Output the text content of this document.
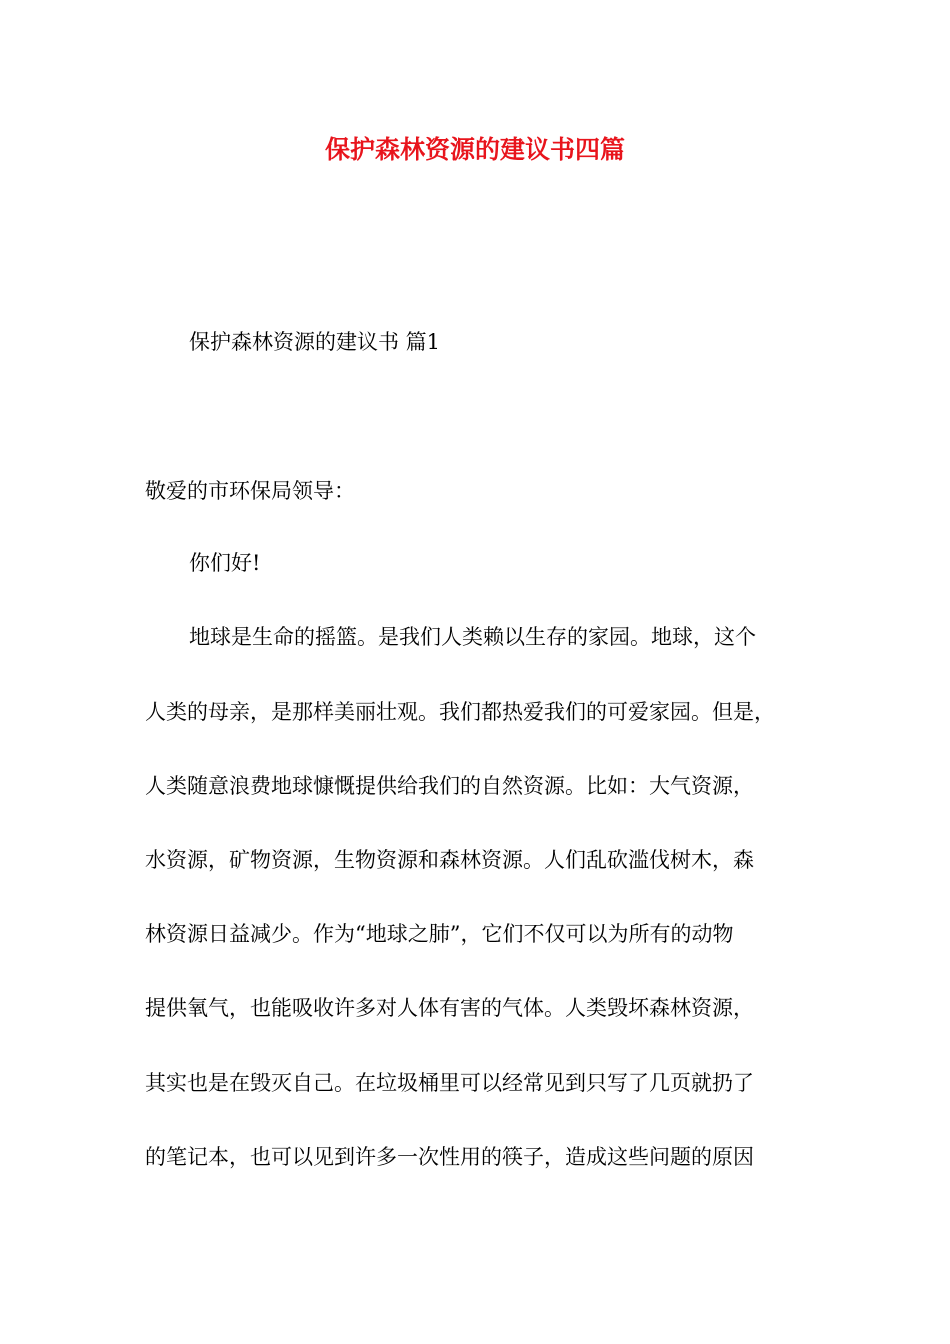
保护森林资源的建议书四篇

保护森林资源的建议书 篇1

敬爱的市环保局领导：

你们好!

地球是生命的摇篮。是我们人类赖以生存的家园。地球，这个

人类的母亲，是那样美丽壮观。我们都热爱我们的可爱家园。但是，

人类随意浪费地球慷慨提供给我们的自然资源。比如：大气资源，

水资源，矿物资源，生物资源和森林资源。人们乱砍滥伐树木，森

林资源日益减少。作为“地球之肺”，它们不仅可以为所有的动物

提供氧气，也能吸收许多对人体有害的气体。人类毁坏森林资源，

其实也是在毁灭自己。在垃圾桶里可以经常见到只写了几页就扔了

的笔记本，也可以见到许多一次性用的筷子，造成这些问题的原因
